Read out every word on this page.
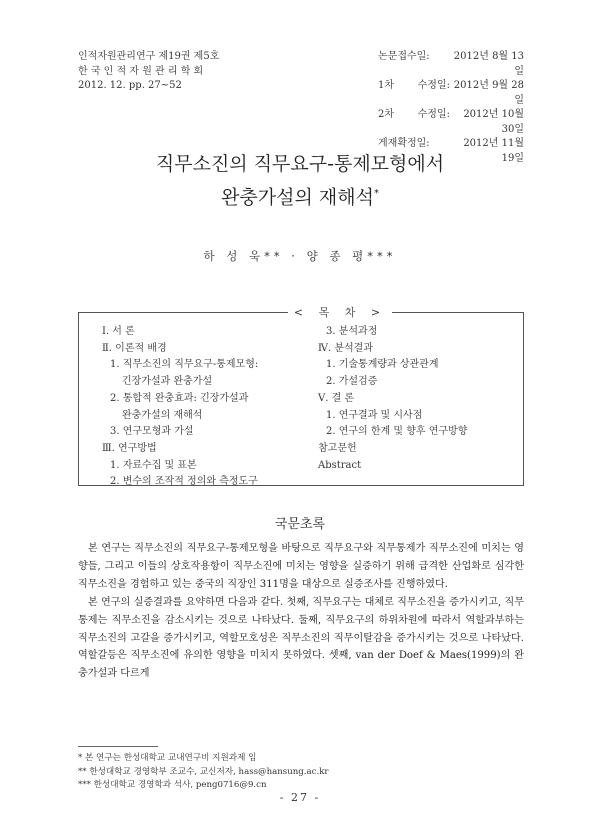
인적자원관리연구 제19권 제5호
한 국 인 적 자 원 관 리 학 회
2012. 12. pp. 27~52
논문접수일:	2012년 8월 13일
1차 수정일: 2012년 9월 28일
2차 수정일:	2012년 10월 30일
게재확정일:	2012년 11월 19일
직무소진의 직무요구-통제모형에서
완충가설의 재해석*
하 성 욱** · 양 종 평***
< 목 차 >
Ⅰ. 서 론
Ⅱ. 이론적 배경
1. 직무소진의 직무요구-통제모형:
긴장가설과 완충가설
2. 통합적 완충효과: 긴장가설과
완충가설의 재해석
3. 연구모형과 가설
Ⅲ. 연구방법
1. 자료수집 및 표본
2. 변수의 조작적 정의와 측정도구
3. 분석과정
Ⅳ. 분석결과
1. 기술통계량과 상관관계
2. 가설검증
Ⅴ. 결 론
1. 연구결과 및 시사점
2. 연구의 한계 및 향후 연구방향
참고문헌
Abstract
국문초록

본 연구는 직무소진의 직무요구-통제모형을 바탕으로 직무요구와 직무통제가 직무소진에 미치는 영향들, 그리고 이들의 상호작용항이 직무소진에 미치는 영향을 실증하기 위해 급격한 산업화로 심각한 직무소진을 경험하고 있는 중국의 직장인 311명을 대상으로 실증조사를 진행하였다.

본 연구의 실증결과를 요약하면 다음과 같다. 첫째, 직무요구는 대체로 직무소진을 증가시키고, 직무통제는 직무소진을 감소시키는 것으로 나타났다. 둘째, 직무요구의 하위차원에 따라서 역할과부하는 직무소진의 고갈을 증가시키고, 역할모호성은 직무소진의 직무이탈감을 증가시키는 것으로 나타났다. 역할갈등은 직무소진에 유의한 영향을 미치지 못하였다. 셋째, van der Doef & Maes(1999)의 완충가설과 다르게

* 본 연구는 한성대학교 교내연구비 지원과제 임
** 한성대학교 경영학부 조교수, 교신저자, hass@hansung.ac.kr
*** 한성대학교 경영학과 석사, peng0716@9.cn
- 27 -
